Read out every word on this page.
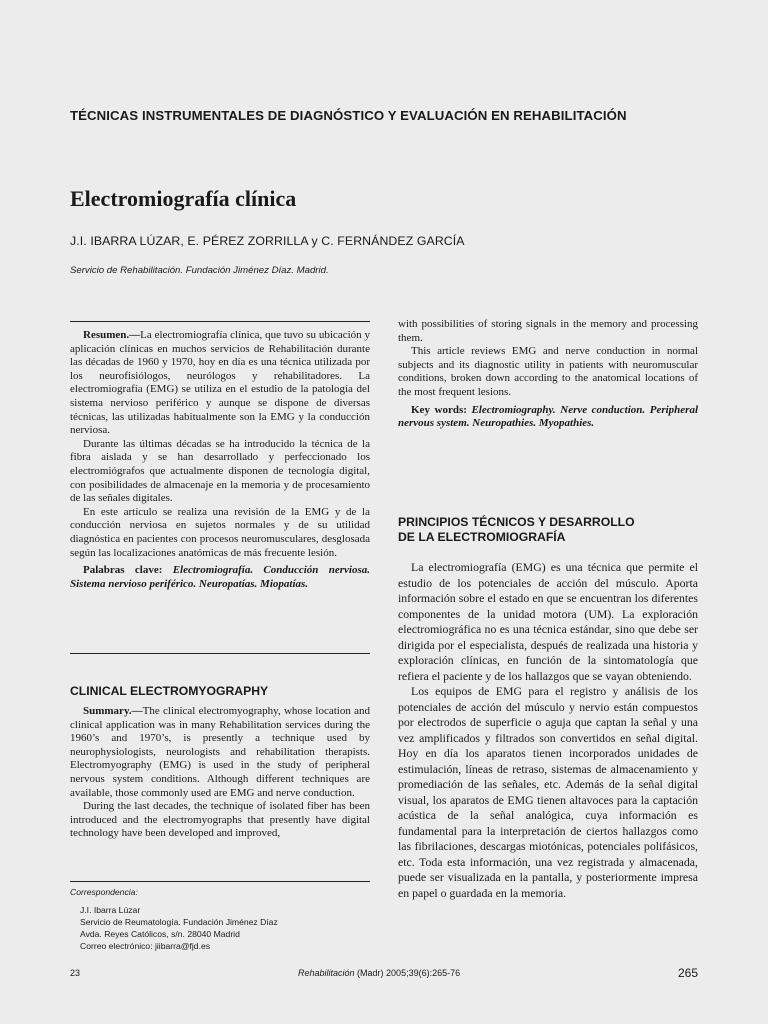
TÉCNICAS INSTRUMENTALES DE DIAGNÓSTICO Y EVALUACIÓN EN REHABILITACIÓN
Electromiografía clínica
J.I. IBARRA LÚZAR, E. PÉREZ ZORRILLA y C. FERNÁNDEZ GARCÍA
Servicio de Rehabilitación. Fundación Jiménez Díaz. Madrid.

Resumen.—La electromiografía clínica, que tuvo su ubicación y aplicación clínicas en muchos servicios de Rehabilitación durante las décadas de 1960 y 1970, hoy en día es una técnica utilizada por los neurofisiólogos, neurólogos y rehabilitadores. La electromiografía (EMG) se utiliza en el estudio de la patología del sistema nervioso periférico y aunque se dispone de diversas técnicas, las utilizadas habitualmente son la EMG y la conducción nerviosa.

Durante las últimas décadas se ha introducido la técnica de la fibra aislada y se han desarrollado y perfeccionado los electromiógrafos que actualmente disponen de tecnología digital, con posibilidades de almacenaje en la memoria y de procesamiento de las señales digitales.

En este artículo se realiza una revisión de la EMG y de la conducción nerviosa en sujetos normales y de su utilidad diagnóstica en pacientes con procesos neuromusculares, desglosada según las localizaciones anatómicas de más frecuente lesión.

Palabras clave: Electromiografía. Conducción nerviosa. Sistema nervioso periférico. Neuropatías. Miopatías.

CLINICAL ELECTROMYOGRAPHY

Summary.—The clinical electromyography, whose location and clinical application was in many Rehabilitation services during the 1960’s and 1970’s, is presently a technique used by neurophysiologists, neurologists and rehabilitation therapists. Electromyography (EMG) is used in the study of peripheral nervous system conditions. Although different techniques are available, those commonly used are EMG and nerve conduction.

During the last decades, the technique of isolated fiber has been introduced and the electromyographs that presently have digital technology have been developed and improved,

Correspondencia:
J.I. Ibarra Lúzar
Servicio de Reumatología. Fundación Jiménez Díaz
Avda. Reyes Católicos, s/n. 28040 Madrid
Correo electrónico: jiibarra@fjd.es

with possibilities of storing signals in the memory and processing them.

This article reviews EMG and nerve conduction in normal subjects and its diagnostic utility in patients with neuromuscular conditions, broken down according to the anatomical locations of the most frequent lesions.

Key words: Electromiography. Nerve conduction. Peripheral nervous system. Neuropathies. Myopathies.

PRINCIPIOS TÉCNICOS Y DESARROLLO
DE LA ELECTROMIOGRAFÍA

La electromiografía (EMG) es una técnica que permite el estudio de los potenciales de acción del músculo. Aporta información sobre el estado en que se encuentran los diferentes componentes de la unidad motora (UM). La exploración electromiográfica no es una técnica estándar, sino que debe ser dirigida por el especialista, después de realizada una historia y exploración clínicas, en función de la sintomatología que refiera el paciente y de los hallazgos que se vayan obteniendo.

Los equipos de EMG para el registro y análisis de los potenciales de acción del músculo y nervio están compuestos por electrodos de superficie o aguja que captan la señal y una vez amplificados y filtrados son convertidos en señal digital. Hoy en día los aparatos tienen incorporados unidades de estimulación, líneas de retraso, sistemas de almacenamiento y promediación de las señales, etc. Además de la señal digital visual, los aparatos de EMG tienen altavoces para la captación acústica de la señal analógica, cuya información es fundamental para la interpretación de ciertos hallazgos como las fibrilaciones, descargas miotónicas, potenciales polifásicos, etc. Toda esta información, una vez registrada y almacenada, puede ser visualizada en la pantalla, y posteriormente impresa en papel o guardada en la memoria.

23	Rehabilitación (Madr) 2005;39(6):265-76	265
